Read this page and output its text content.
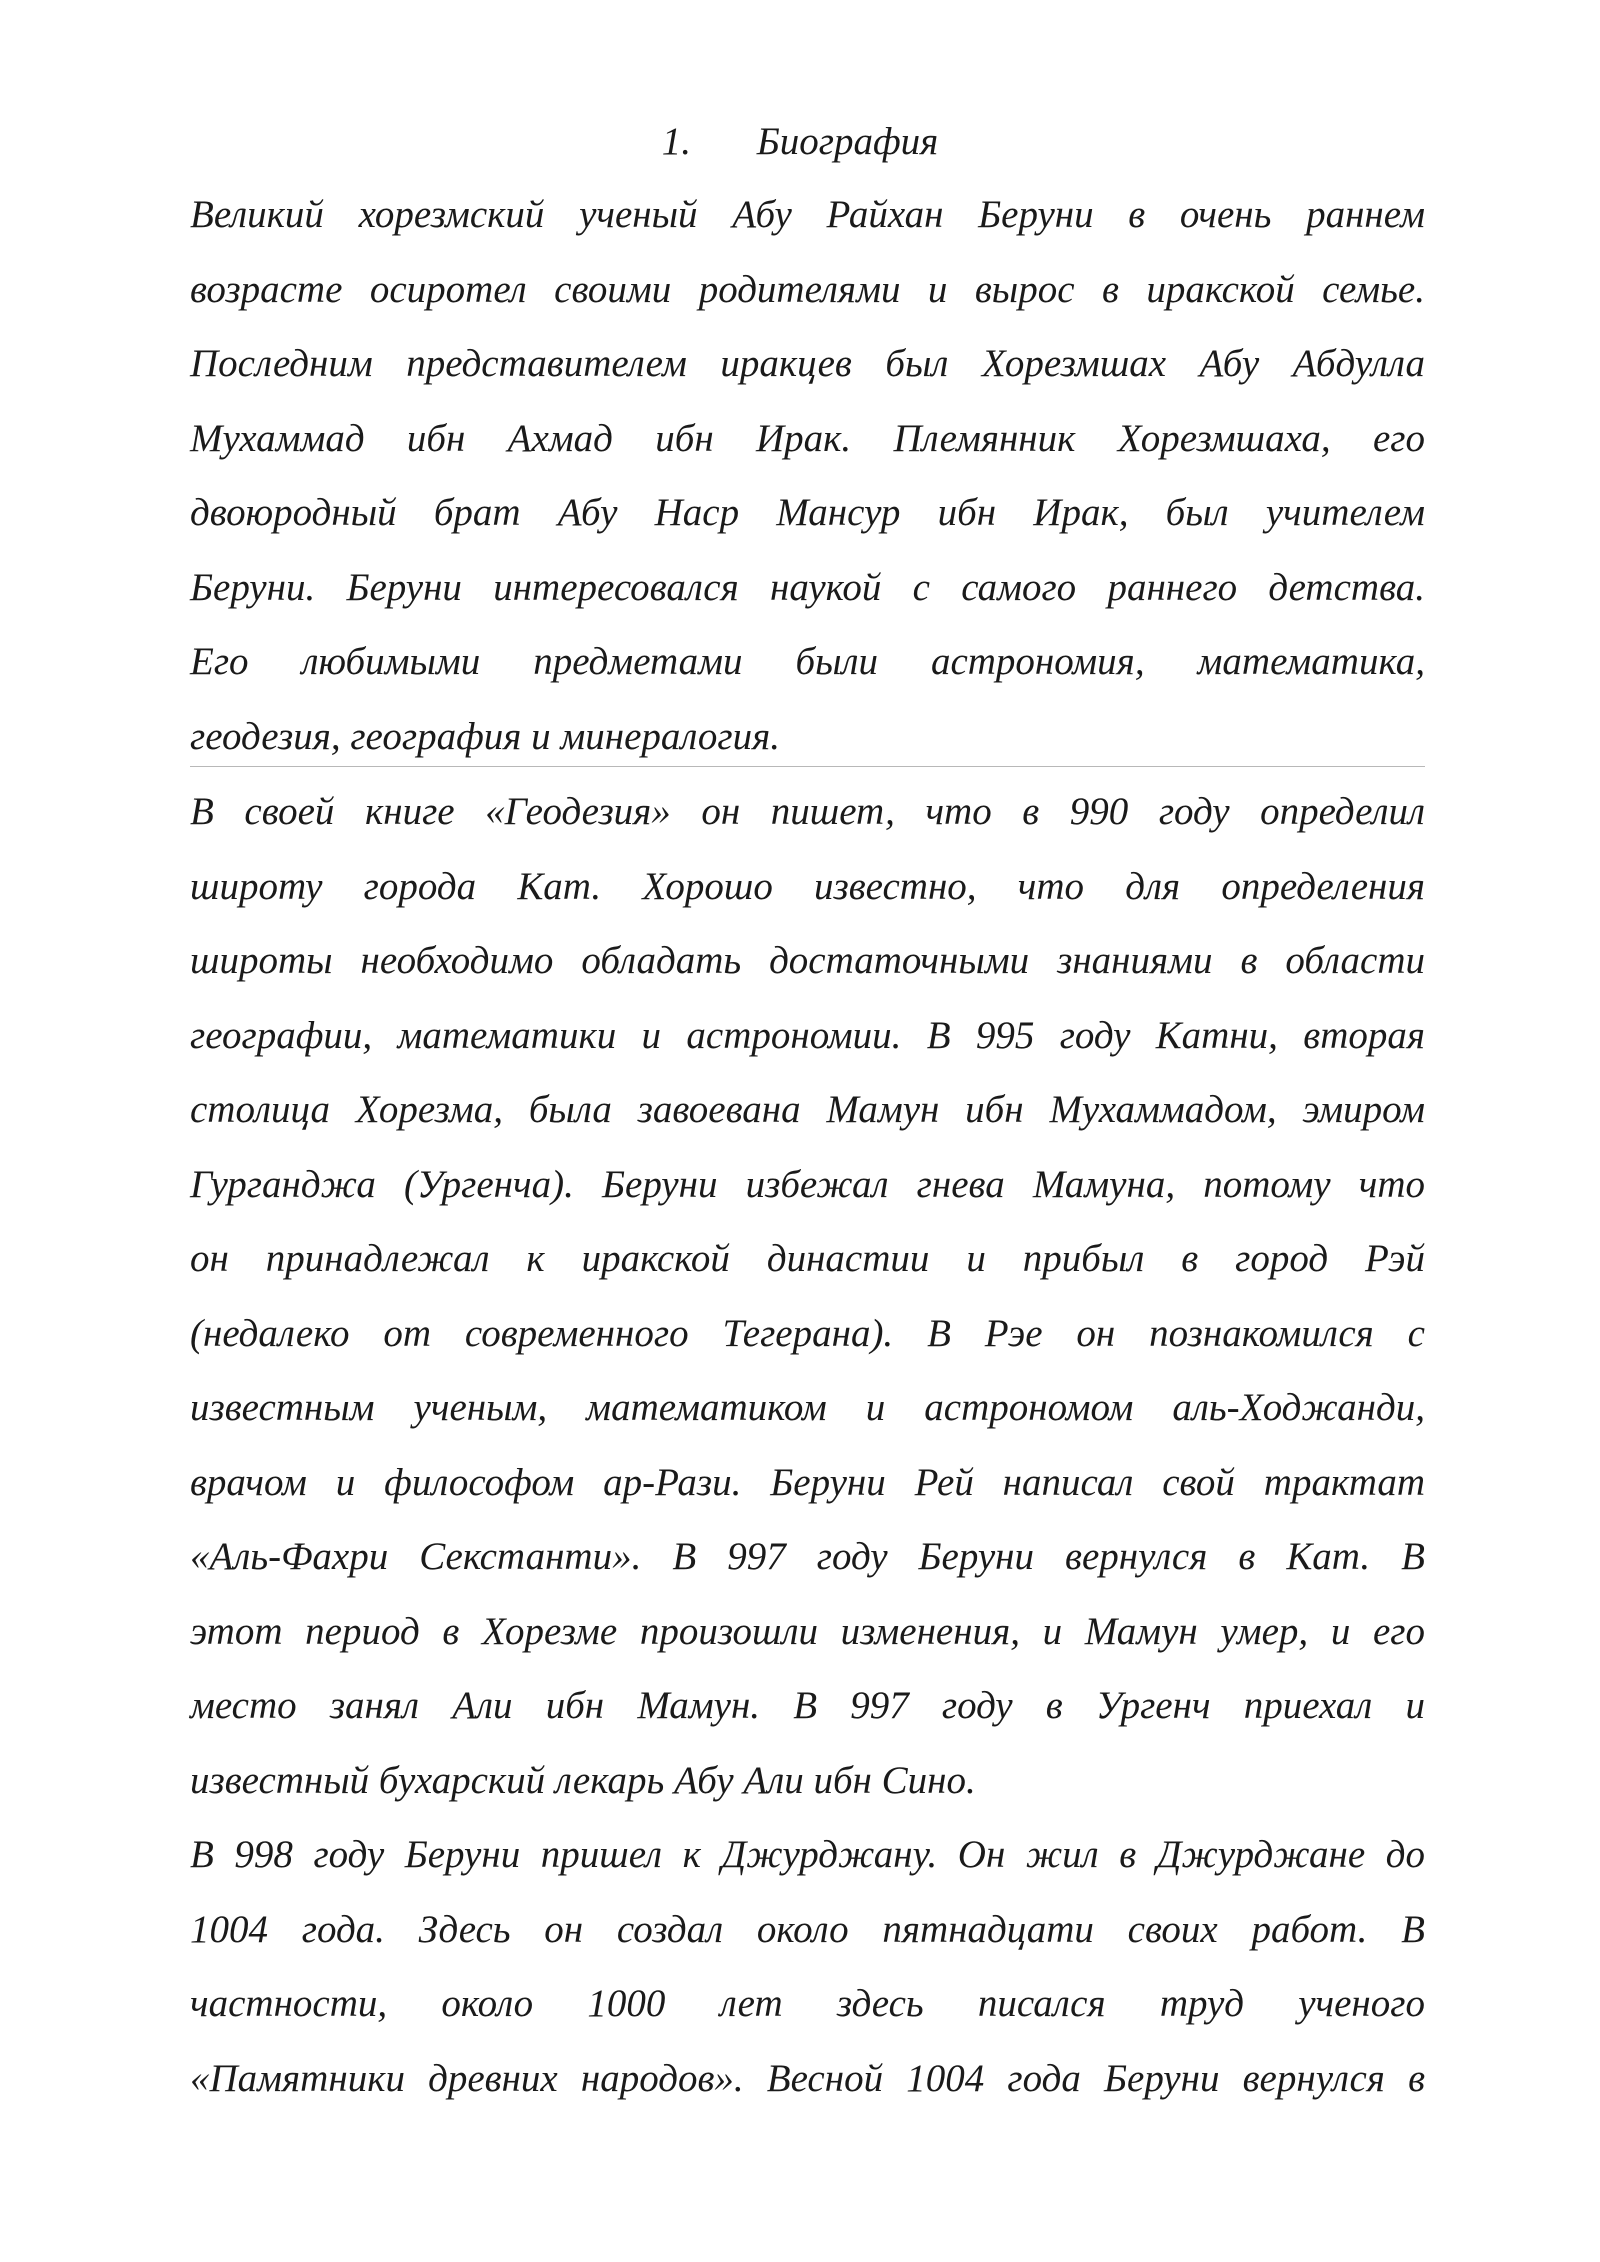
1. Биография
Великий хорезмский ученый Абу Райхан Беруни в очень раннем
возрасте осиротел своими родителями и вырос в иракской семье.
Последним представителем иракцев был Хорезмшах Абу Абдулла
Мухаммад ибн Ахмад ибн Ирак. Племянник Хорезмшаха, его
двоюродный брат Абу Наср Мансур ибн Ирак, был учителем
Беруни. Беруни интересовался наукой с самого раннего детства.
Его любимыми предметами были астрономия, математика,
геодезия, география и минералогия.
В своей книге «Геодезия» он пишет, что в 990 году определил
широту города Кат. Хорошо известно, что для определения
широты необходимо обладать достаточными знаниями в области
географии, математики и астрономии. В 995 году Катни, вторая
столица Хорезма, была завоевана Мамун ибн Мухаммадом, эмиром
Гурганджа (Ургенча). Беруни избежал гнева Мамуна, потому что
он принадлежал к иракской династии и прибыл в город Рэй
(недалеко от современного Тегерана). В Рэе он познакомился с
известным ученым, математиком и астрономом аль-Ходжанди,
врачом и философом ар-Рази. Беруни Рей написал свой трактат
«Аль-Фахри Секстанти». В 997 году Беруни вернулся в Кат. В
этот период в Хорезме произошли изменения, и Мамун умер, и его
место занял Али ибн Мамун. В 997 году в Ургенч приехал и
известный бухарский лекарь Абу Али ибн Сино.
В 998 году Беруни пришел к Джурджану. Он жил в Джурджане до
1004 года. Здесь он создал около пятнадцати своих работ. В
частности, около 1000 лет здесь писался труд ученого
«Памятники древних народов». Весной 1004 года Беруни вернулся в
